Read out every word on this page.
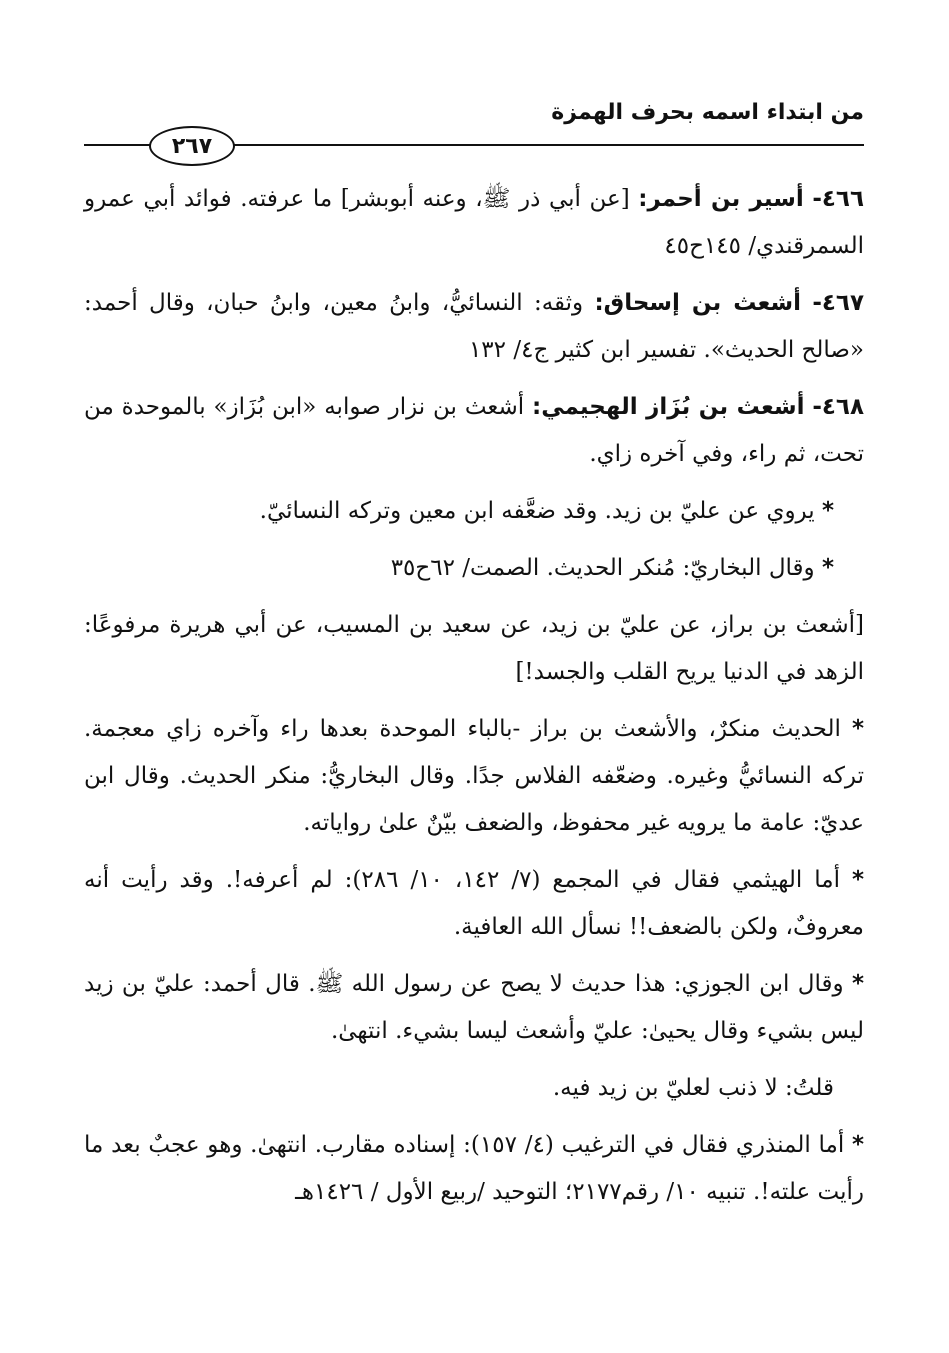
من ابتداء اسمه بحرف الهمزة
٢٦٧

٤٦٦- أسير بن أحمر: [عن أبي ذر ﷺ، وعنه أبوبشر] ما عرفته. فوائد أبي عمرو السمرقندي/ ١٤٥ح٤٥

٤٦٧- أشعث بن إسحاق: وثقه: النسائيُّ، وابنُ معين، وابنُ حبان، وقال أحمد: «صالح الحديث». تفسير ابن كثير ج٤/ ١٣٢

٤٦٨- أشعث بن بُزَاز الهجيمي: أشعث بن نزار صوابه «ابن بُزَاز» بالموحدة من تحت، ثم راء، وفي آخره زاي.

* يروي عن عليّ بن زيد. وقد ضعَّفه ابن معين وتركه النسائيّ.

* وقال البخاريّ: مُنكر الحديث. الصمت/ ٦٢ح٣٥

[أشعث بن براز، عن عليّ بن زيد، عن سعيد بن المسيب، عن أبي هريرة مرفوعًا: الزهد في الدنيا يريح القلب والجسد!]

* الحديث منكرٌ، والأشعث بن براز -بالباء الموحدة بعدها راء وآخره زاي معجمة. تركه النسائيُّ وغيره. وضعّفه الفلاس جدًا. وقال البخاريُّ: منكر الحديث. وقال ابن عديّ: عامة ما يرويه غير محفوظ، والضعف بيّنٌ علىٰ رواياته.

* أما الهيثمي فقال في المجمع (٧/ ١٤٢، ١٠/ ٢٨٦): لم أعرفه!. وقد رأيت أنه معروفٌ، ولكن بالضعف!! نسأل الله العافية.

* وقال ابن الجوزي: هذا حديث لا يصح عن رسول الله ﷺ. قال أحمد: عليّ بن زيد ليس بشيء وقال يحيىٰ: عليّ وأشعث ليسا بشيء. انتهىٰ.

قلتُ: لا ذنب لعليّ بن زيد فيه.

* أما المنذري فقال في الترغيب (٤/ ١٥٧): إسناده مقارب. انتهىٰ. وهو عجبٌ بعد ما رأيت علته!. تنبيه ١٠/ رقم٢١٧٧؛ التوحيد /ربيع الأول / ١٤٢٦هـ
